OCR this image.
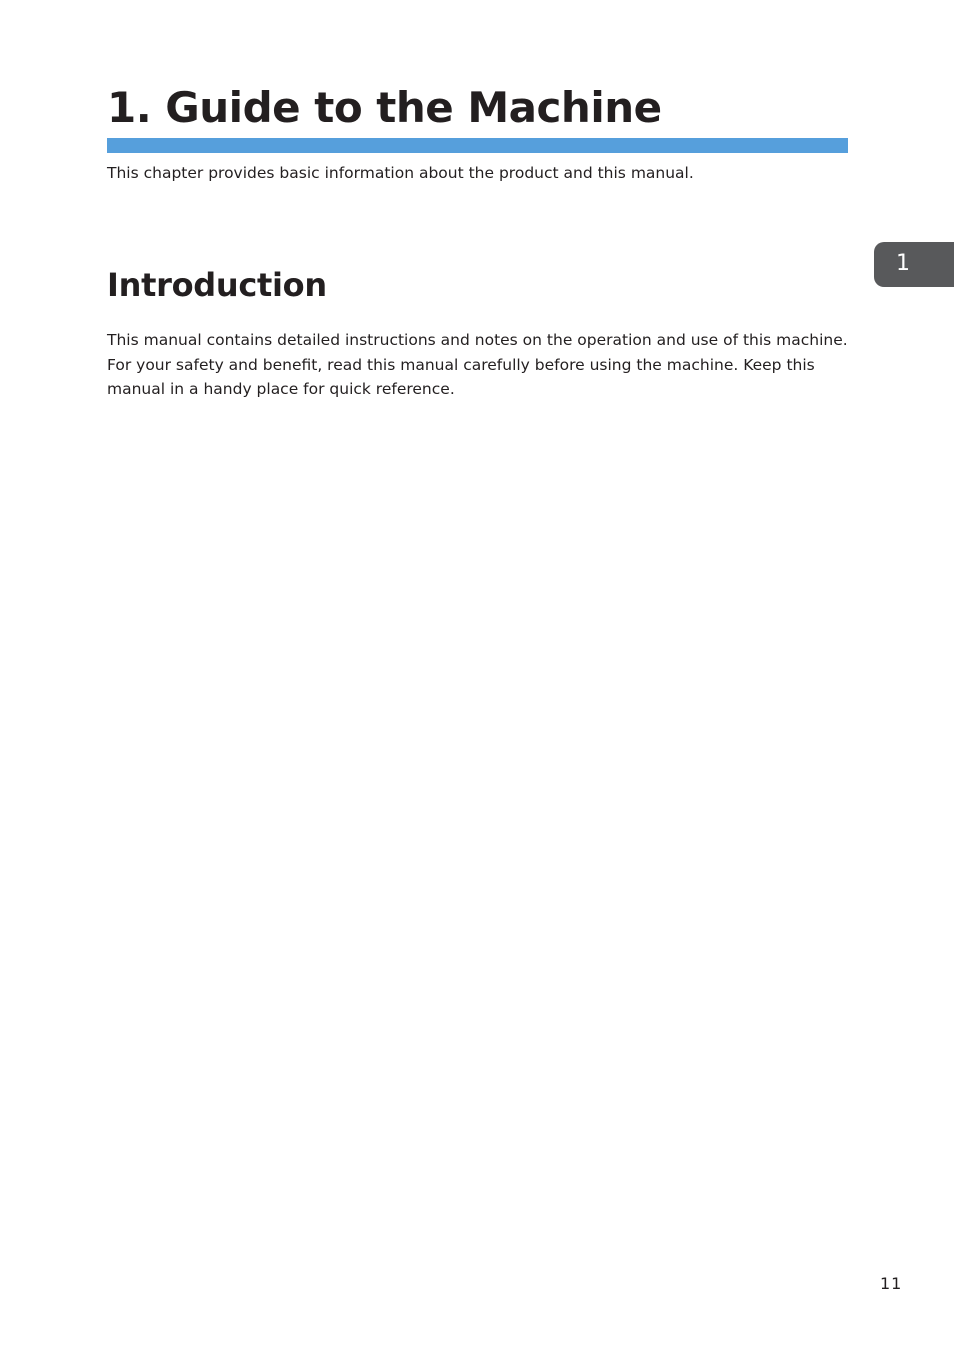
1. Guide to the Machine

This chapter provides basic information about the product and this manual.

Introduction

This manual contains detailed instructions and notes on the operation and use of this machine. For your safety and benefit, read this manual carefully before using the machine. Keep this manual in a handy place for quick reference.

1
11
